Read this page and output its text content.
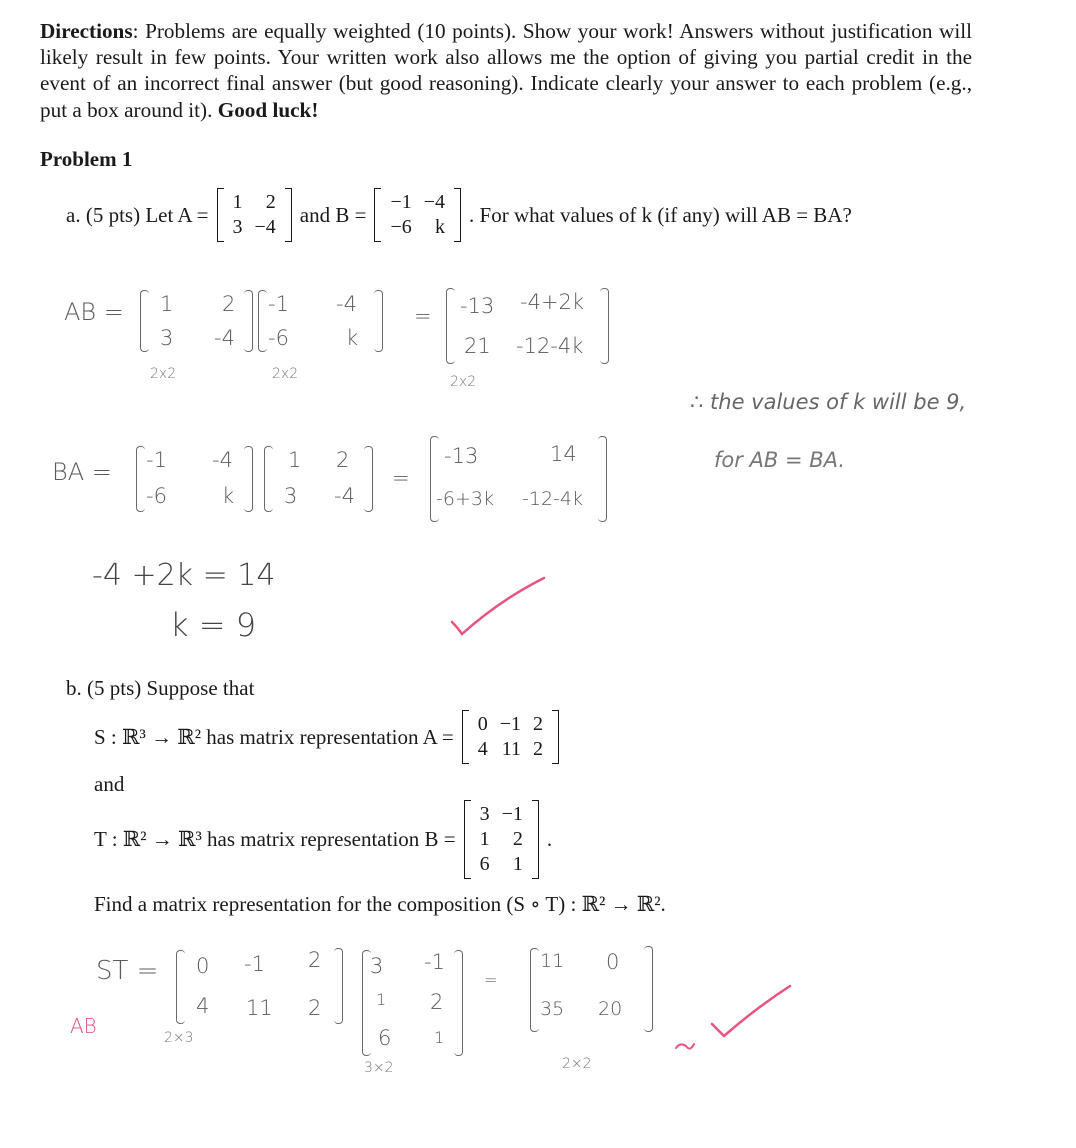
Directions: Problems are equally weighted (10 points). Show your work! Answers without justification will likely result in few points. Your written work also allows me the option of giving you partial credit in the event of an incorrect final answer (but good reasoning). Indicate clearly your answer to each problem (e.g., put a box around it). Good luck!
Problem 1
a. (5 pts) Let A =
1	2
3	−4
and B =
−1	−4
−6	k
. For what values of k (if any) will AB = BA?
AB = 1 2
3 -4
2x2
-1 -4
-6	k
2x2
= -13 -4+2k
21 -12-4k
2x2
BA = -1 -4
-6	k
1 2
3 -4
=
-13	14
-6+3k -12-4k
-4 +2k = 14
k = 9
∴ the values of k will be 9,
for AB = BA.
b. (5 pts) Suppose that
S : ℝ³ → ℝ² has matrix representation A =
0	−1	2
4	11	2
and
T : ℝ² → ℝ³ has matrix representation B =
3	−1
1	2
6	1
.
Find a matrix representation for the composition (S ∘ T) : ℝ² → ℝ².
ST =
AB
0 -1 2
4 11 2
2×3
3 -1
1 2
6	1
3×2
=
11 0
35 20
2×2
